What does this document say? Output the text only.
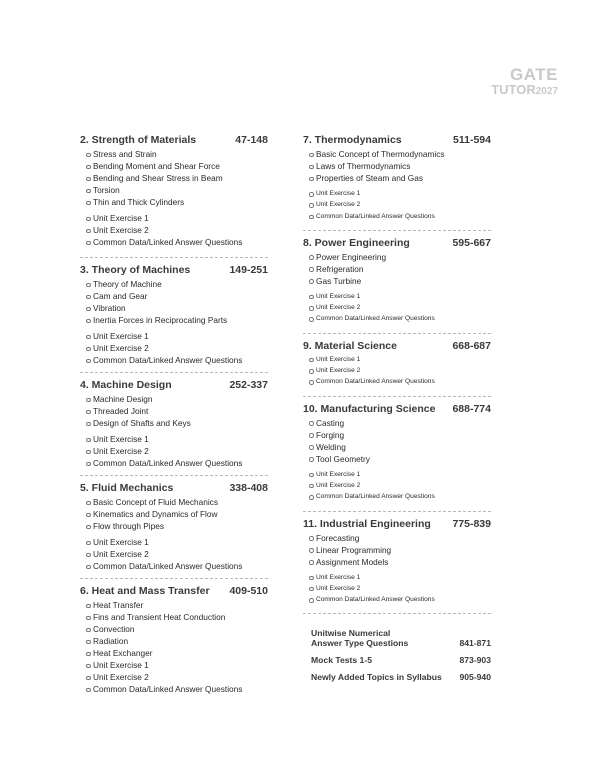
GATE
TUTOR2027
2. Strength of Materials	47-148
Stress and Strain
Bending Moment and Shear Force
Bending and Shear Stress in Beam
Torsion
Thin and Thick Cylinders
Unit Exercise 1
Unit Exercise 2
Common Data/Linked Answer Questions
3. Theory of Machines	149-251
Theory of Machine
Cam and Gear
Vibration
Inertia Forces in Reciprocating Parts
Unit Exercise 1
Unit Exercise 2
Common Data/Linked Answer Questions
4. Machine Design	252-337
Machine Design
Threaded Joint
Design of Shafts and Keys
Unit Exercise 1
Unit Exercise 2
Common Data/Linked Answer Questions
5. Fluid Mechanics	338-408
Basic Concept of Fluid Mechanics
Kinematics and Dynamics of Flow
Flow through Pipes
Unit Exercise 1
Unit Exercise 2
Common Data/Linked Answer Questions
6. Heat and Mass Transfer 409-510
Heat Transfer
Fins and Transient Heat Conduction
Convection
Radiation
Heat Exchanger
Unit Exercise 1
Unit Exercise 2
Common Data/Linked Answer Questions
7. Thermodynamics	511-594
Basic Concept of Thermodynamics
Laws of Thermodynamics
Properties of Steam and Gas
Unit Exercise 1
Unit Exercise 2
Common Data/Linked Answer Questions
8. Power Engineering	595-667
Power Engineering
Refrigeration
Gas Turbine
Unit Exercise 1
Unit Exercise 2
Common Data/Linked Answer Questions
9. Material Science	668-687
Unit Exercise 1
Unit Exercise 2
Common Data/Linked Answer Questions
10. Manufacturing Science 688-774
Casting
Forging
Welding
Tool Geometry
Unit Exercise 1
Unit Exercise 2
Common Data/Linked Answer Questions
11. Industrial Engineering 775-839
Forecasting
Linear Programming
Assignment Models
Unit Exercise 1
Unit Exercise 2
Common Data/Linked Answer Questions
Unitwise Numerical
Answer Type Questions	841-871
Mock Tests 1-5	873-903
Newly Added Topics in Syllabus 905-940
